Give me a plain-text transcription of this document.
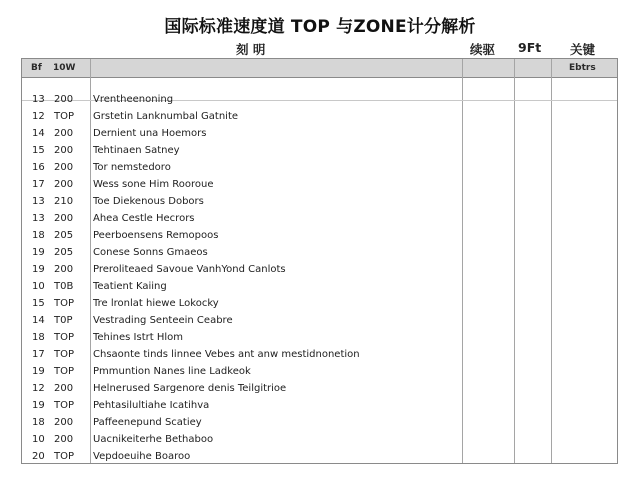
国际标准速度道 TOP 与ZONE计分解析
刻 明	续驱 9Ft 关键
Bf 10W	Ebtrs
13 200 Vrentheenoning
12 TOP Grstetin Lanknumbal Gatnite
14 200 Dernient una Hoemors
15 200 Tehtinaen Satney
16 200 Tor nemstedoro
17 200 Wess sone Him Rooroue
13 210 Toe Diekenous Dobors
13 200 Ahea Cestle Hecrors
18 205 Peerboensens Remopoos
19 205 Conese Sonns Gmaeos
19 200 Preroliteaed Savoue VanhYond Canlots
10 T0B Teatient Kaiing
15 TOP Tre lronlat hiewe Lokocky
14 T0P Vestrading Senteein Ceabre
18 TOP Tehines Istrt Hlom
17 TOP Chsaonte tinds linnee Vebes ant anw mestidnonetion
19 TOP Pmmuntion Nanes line Ladkeok
12 200 Helnerused Sargenore denis Teilgitrioe
19 TOP Pehtasilultiahe Icatihva
18 200 Paffeenepund Scatiey
10 200 Uacnikeiterhe Bethaboo
20 TOP Vepdoeuihe Boaroo
